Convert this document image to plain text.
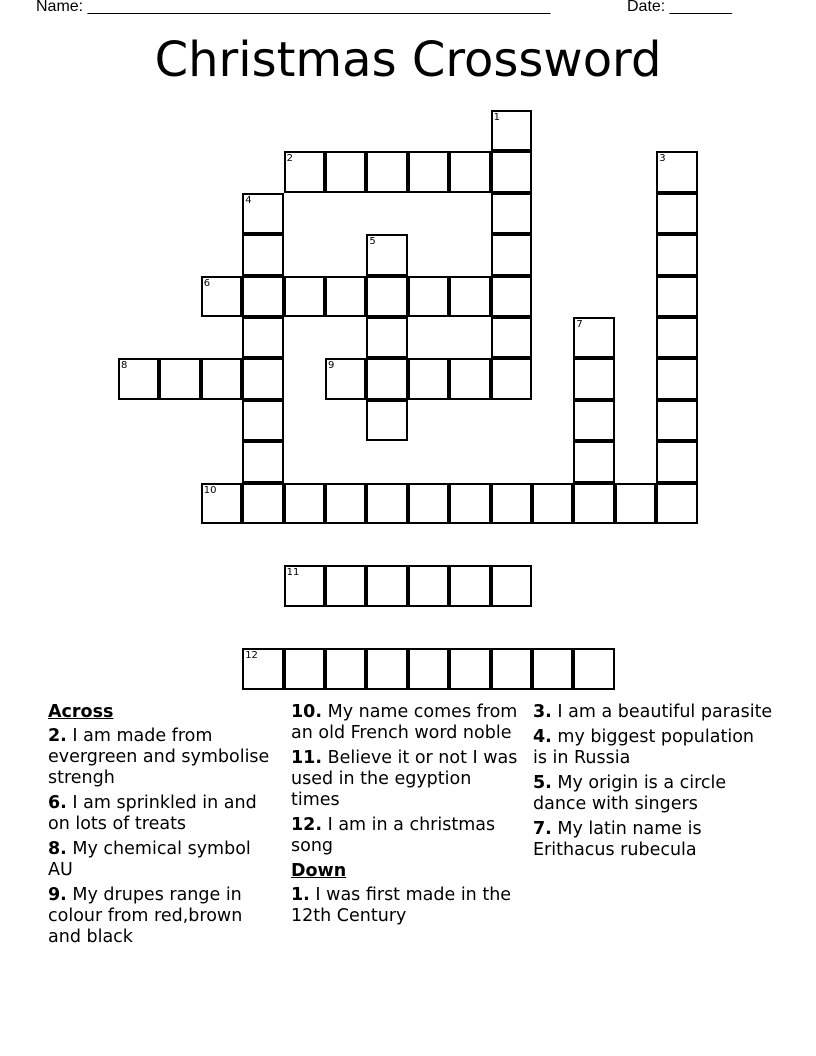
Name: ____________________________________________________	Date: _______
Christmas Crossword
1
2	3
4
5
6
7
8	9
10
11
12
Across
2. I am made from evergreen and symbolise strengh
6. I am sprinkled in and on lots of treats
8. My chemical symbol AU
9. My drupes range in colour from red,brown and black
10. My name comes from an old French word noble
11. Believe it or not I was used in the egyption times
12. I am in a christmas song
Down
1. I was first made in the 12th Century
3. I am a beautiful parasite
4. my biggest population is in Russia
5. My origin is a circle dance with singers
7. My latin name is Erithacus rubecula
